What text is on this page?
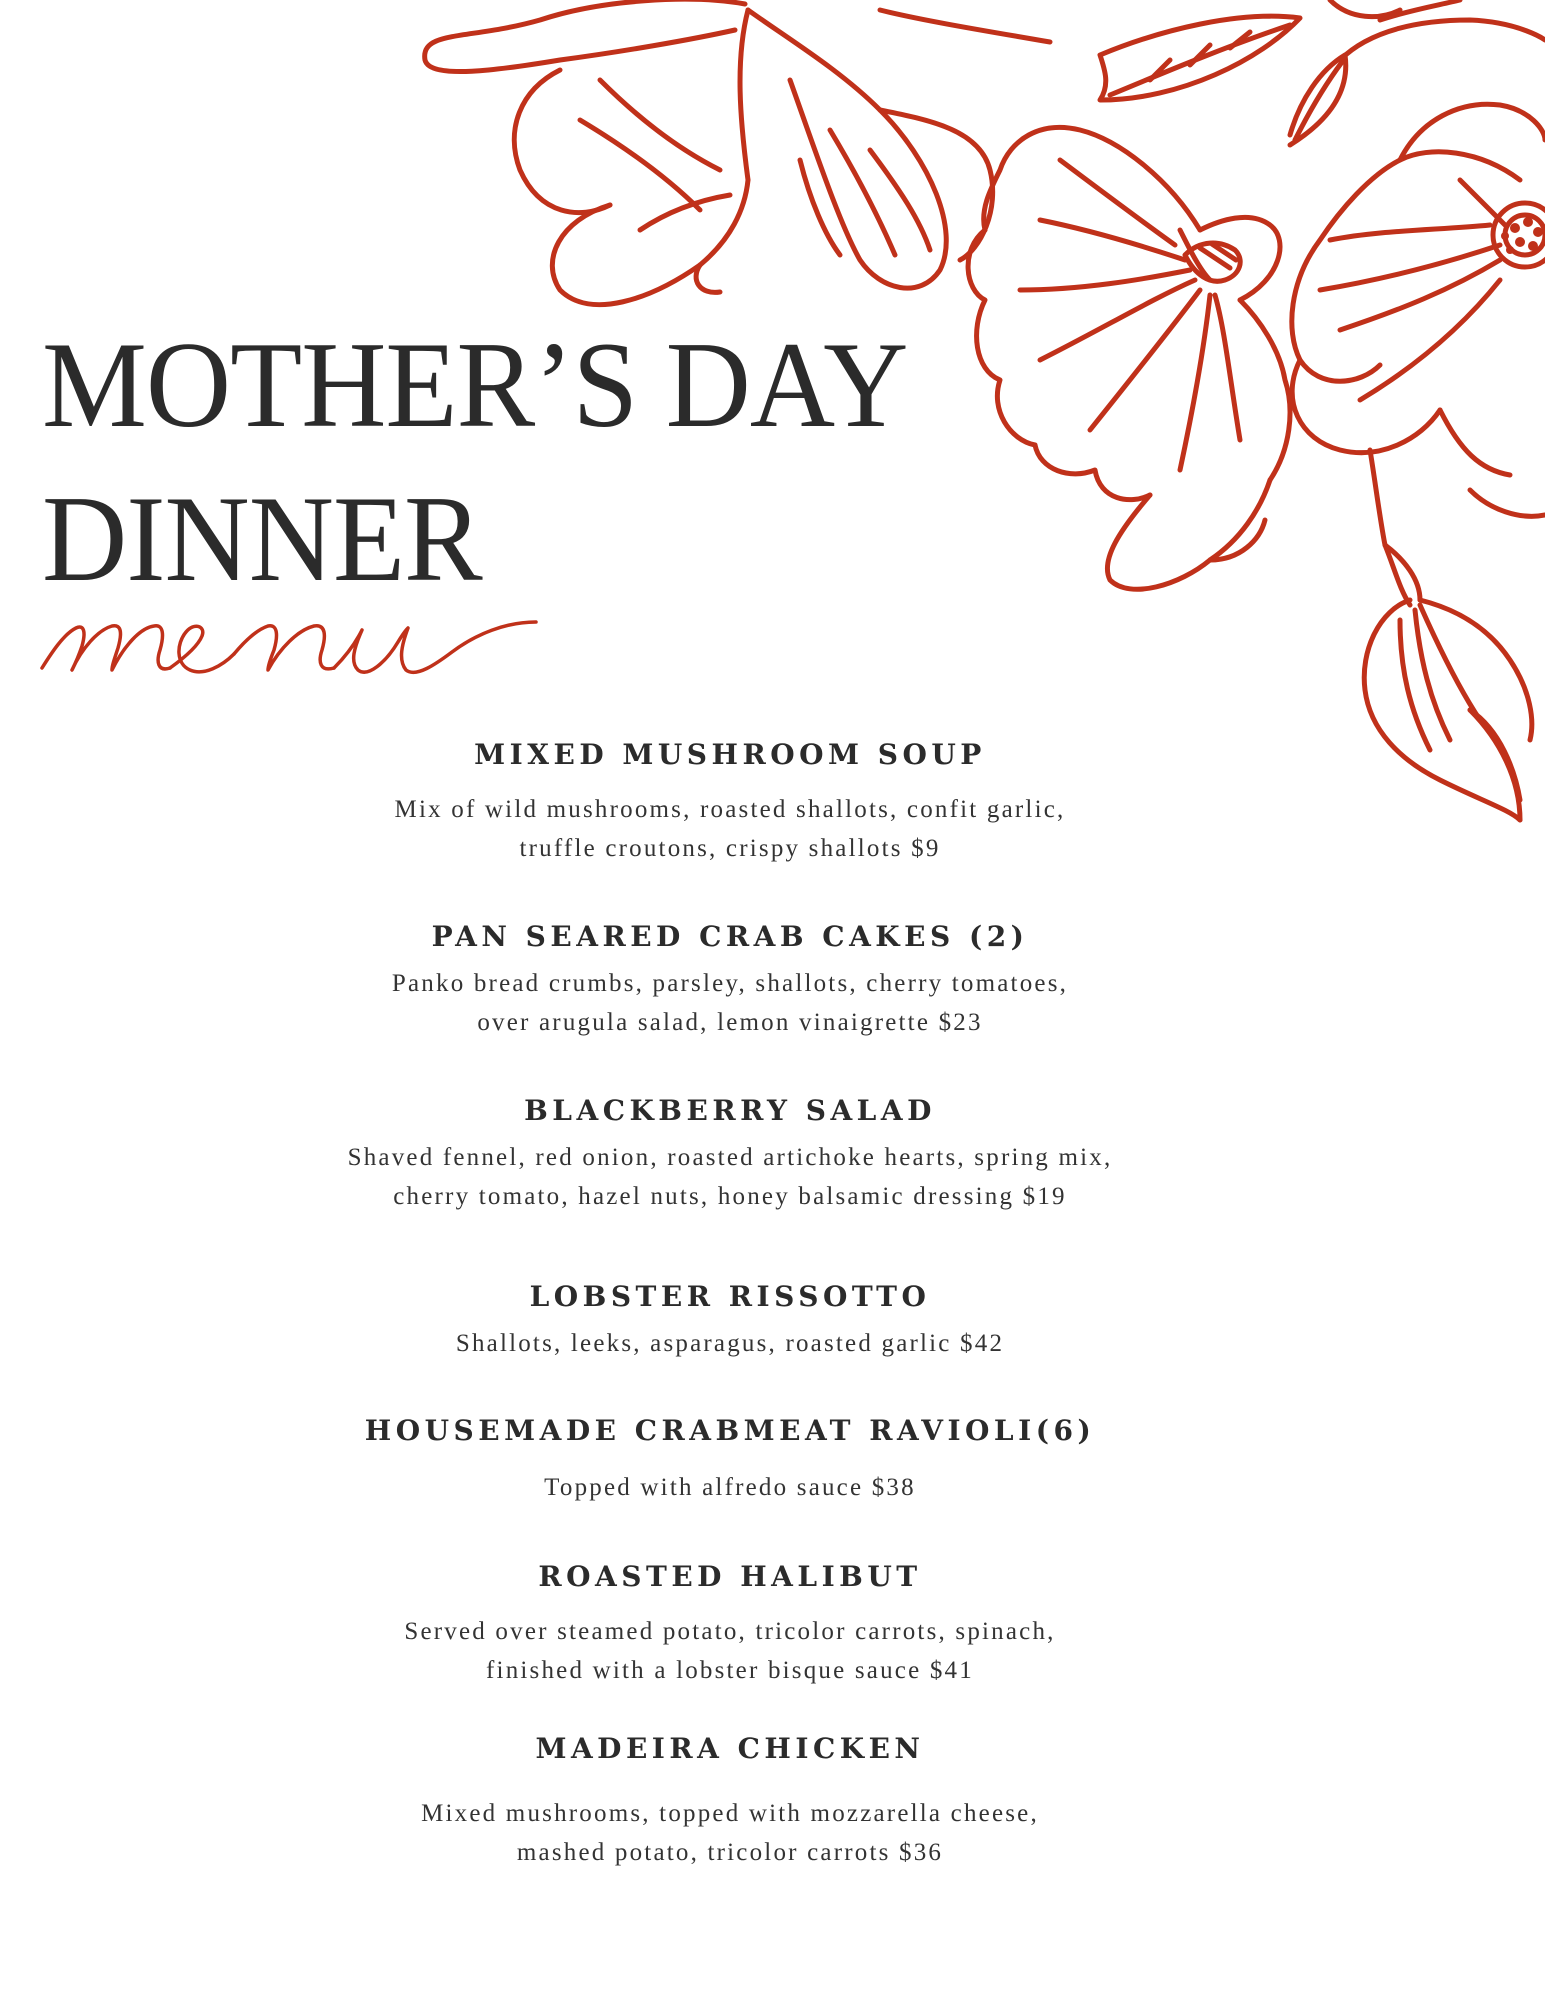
MOTHER’S DAY
DINNER
MIXED MUSHROOM SOUP
Mix of wild mushrooms, roasted shallots, confit garlic,
truffle croutons, crispy shallots $9
PAN SEARED CRAB CAKES (2)
Panko bread crumbs, parsley, shallots, cherry tomatoes,
over arugula salad, lemon vinaigrette $23
BLACKBERRY SALAD
Shaved fennel, red onion, roasted artichoke hearts, spring mix,
cherry tomato, hazel nuts, honey balsamic dressing $19
LOBSTER RISSOTTO
Shallots, leeks, asparagus, roasted garlic $42
HOUSEMADE CRABMEAT RAVIOLI(6)
Topped with alfredo sauce $38
ROASTED HALIBUT
Served over steamed potato, tricolor carrots, spinach,
finished with a lobster bisque sauce $41
MADEIRA CHICKEN
Mixed mushrooms, topped with mozzarella cheese,
mashed potato, tricolor carrots $36
